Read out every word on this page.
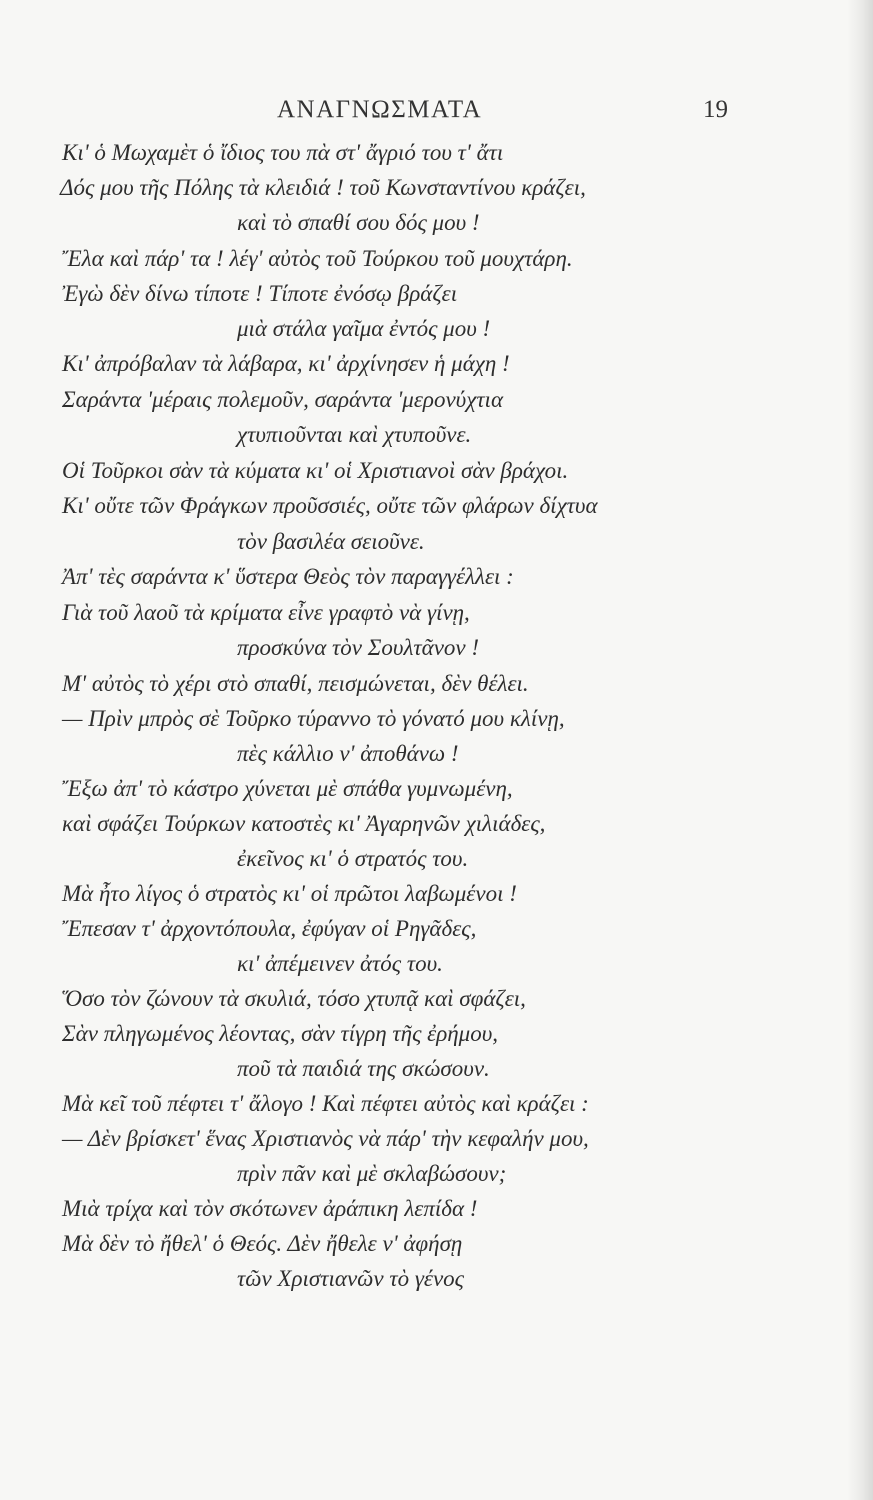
ΑΝΑΓΝΩΣΜΑΤΑ	19
Κι' ὁ Μωχαμὲτ ὁ ἴδιος του πὰ στ' ἄγριό του τ' ἄτι
Δός μου τῆς Πόλης τὰ κλειδιά ! τοῦ Κωνσταντίνου κράζει,
καὶ τὸ σπαθί σου δός μου !
Ἔλα καὶ πάρ' τα ! λέγ' αὐτὸς τοῦ Τούρκου τοῦ μουχτάρη.
Ἐγὼ δὲν δίνω τίποτε ! Τίποτε ἐνόσῳ βράζει
μιὰ στάλα γαῖμα ἐντός μου !
Κι' ἀπρόβαλαν τὰ λάβαρα, κι' ἀρχίνησεν ἡ μάχη !
Σαράντα 'μέραις πολεμοῦν, σαράντα 'μερονύχτια
χτυπιοῦνται καὶ χτυποῦνε.
Οἱ Τοῦρκοι σὰν τὰ κύματα κι' οἱ Χριστιανοὶ σὰν βράχοι.
Κι' οὔτε τῶν Φράγκων προῦσσιές, οὔτε τῶν φλάρων δίχτυα
τὸν βασιλέα σειοῦνε.
Ἀπ' τὲς σαράντα κ' ὕστερα Θεὸς τὸν παραγγέλλει :
Γιὰ τοῦ λαοῦ τὰ κρίματα εἶνε γραφτὸ νὰ γίνῃ,
προσκύνα τὸν Σουλτᾶνον !
Μ' αὐτὸς τὸ χέρι στὸ σπαθί, πεισμώνεται, δὲν θέλει.
— Πρὶν μπρὸς σὲ Τοῦρκο τύραννο τὸ γόνατό μου κλίνῃ,
πὲς κάλλιο ν' ἀποθάνω !
Ἔξω ἀπ' τὸ κάστρο χύνεται μὲ σπάθα γυμνωμένη,
καὶ σφάζει Τούρκων κατοστὲς κι' Ἀγαρηνῶν χιλιάδες,
ἐκεῖνος κι' ὁ στρατός του.
Μὰ ἦτο λίγος ὁ στρατὸς κι' οἱ πρῶτοι λαβωμένοι !
Ἔπεσαν τ' ἀρχοντόπουλα, ἐφύγαν οἱ Ρηγᾶδες,
κι' ἀπέμεινεν ἀτός του.
Ὅσο τὸν ζώνουν τὰ σκυλιά, τόσο χτυπᾷ καὶ σφάζει,
Σὰν πληγωμένος λέοντας, σὰν τίγρη τῆς ἐρήμου,
ποῦ τὰ παιδιά της σκώσουν.
Μὰ κεῖ τοῦ πέφτει τ' ἄλογο ! Καὶ πέφτει αὐτὸς καὶ κράζει :
— Δὲν βρίσκετ' ἕνας Χριστιανὸς νὰ πάρ' τὴν κεφαλήν μου,
πρὶν πᾶν καὶ μὲ σκλαβώσουν;
Μιὰ τρίχα καὶ τὸν σκότωνεν ἀράπικη λεπίδα !
Μὰ δὲν τὸ ἤθελ' ὁ Θεός. Δὲν ἤθελε ν' ἀφήσῃ
τῶν Χριστιανῶν τὸ γένος
